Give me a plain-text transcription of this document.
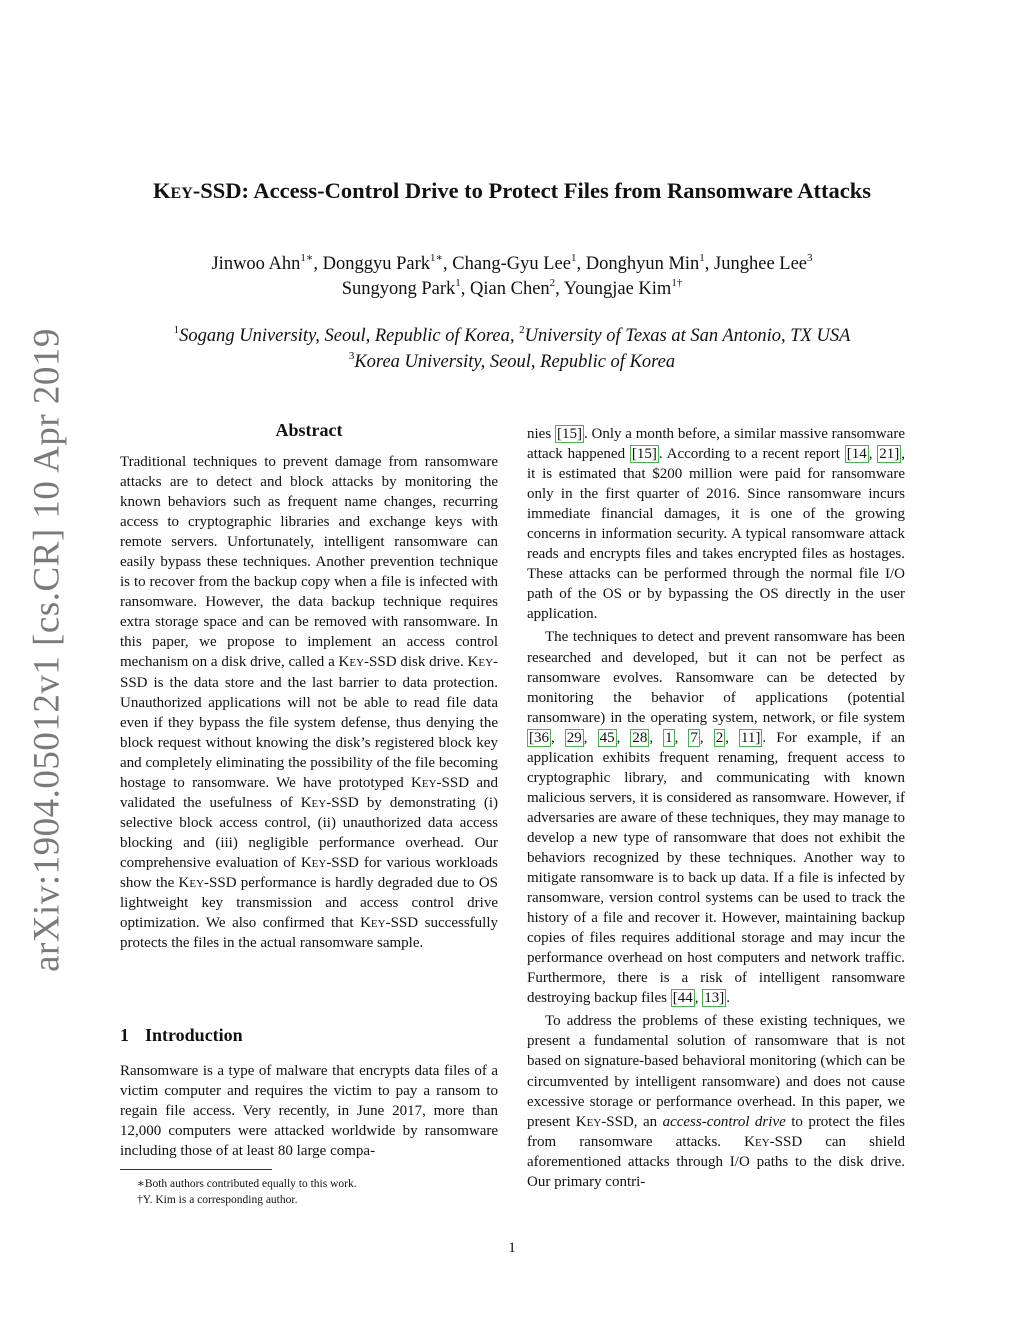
arXiv:1904.05012v1 [cs.CR] 10 Apr 2019
Key-SSD: Access-Control Drive to Protect Files from Ransomware Attacks
Jinwoo Ahn$^{1∗}$, Donggyu Park$^{1∗}$, Chang-Gyu Lee$^1$, Donghyun Min$^1$, Junghee Lee$^3$
Sungyong Park$^1$, Qian Chen$^2$, Youngjae Kim$^{1\dagger}$
$^1$Sogang University, Seoul, Republic of Korea, $^2$University of Texas at San Antonio, TX USA
$^3$Korea University, Seoul, Republic of Korea
Abstract

Traditional techniques to prevent damage from ransomware attacks are to detect and block attacks by monitoring the known behaviors such as frequent name changes, recurring access to cryptographic libraries and exchange keys with remote servers. Unfortunately, intelligent ransomware can easily bypass these techniques. Another prevention technique is to recover from the backup copy when a file is infected with ransomware. However, the data backup technique requires extra storage space and can be removed with ransomware. In this paper, we propose to implement an access control mechanism on a disk drive, called a Key-SSD disk drive. Key-SSD is the data store and the last barrier to data protection. Unauthorized applications will not be able to read file data even if they bypass the file system defense, thus denying the block request without knowing the disk’s registered block key and completely eliminating the possibility of the file becoming hostage to ransomware. We have prototyped Key-SSD and validated the usefulness of Key-SSD by demonstrating (i) selective block access control, (ii) unauthorized data access blocking and (iii) negligible performance overhead. Our comprehensive evaluation of Key-SSD for various workloads show the Key-SSD performance is hardly degraded due to OS lightweight key transmission and access control drive optimization. We also confirmed that Key-SSD successfully protects the files in the actual ransomware sample.

1 Introduction
Ransomware is a type of malware that encrypts data files of a victim computer and requires the victim to pay a ransom to regain file access. Very recently, in June 2017, more than 12,000 computers were attacked worldwide by ransomware including those of at least 80 large compa-
∗Both authors contributed equally to this work.
†Y. Kim is a corresponding author.

nies [15] . Only a month before, a similar massive ransomware attack happened [15] . According to a recent report [14 , 21] , it is estimated that $200 million were paid for ransomware only in the first quarter of 2016. Since ransomware incurs immediate financial damages, it is one of the growing concerns in information security. A typical ransomware attack reads and encrypts files and takes encrypted files as hostages. These attacks can be performed through the normal file I/O path of the OS or by bypassing the OS directly in the user application.

The techniques to detect and prevent ransomware has been researched and developed, but it can not be perfect as ransomware evolves. Ransomware can be detected by monitoring the behavior of applications (potential ransomware) in the operating system, network, or file system [36 , 29 , 45 , 28 , 1 , 7 , 2 , 11] . For example, if an application exhibits frequent renaming, frequent access to cryptographic library, and communicating with known malicious servers, it is considered as ransomware. However, if adversaries are aware of these techniques, they may manage to develop a new type of ransomware that does not exhibit the behaviors recognized by these techniques. Another way to mitigate ransomware is to back up data. If a file is infected by ransomware, version control systems can be used to track the history of a file and recover it. However, maintaining backup copies of files requires additional storage and may incur the performance overhead on host computers and network traffic. Furthermore, there is a risk of intelligent ransomware destroying backup files [44 , 13] .

To address the problems of these existing techniques, we present a fundamental solution of ransomware that is not based on signature-based behavioral monitoring (which can be circumvented by intelligent ransomware) and does not cause excessive storage or performance overhead. In this paper, we present Key-SSD, an access-control drive to protect the files from ransomware attacks. Key-SSD can shield aforementioned attacks through I/O paths to the disk drive. Our primary contri-

1
